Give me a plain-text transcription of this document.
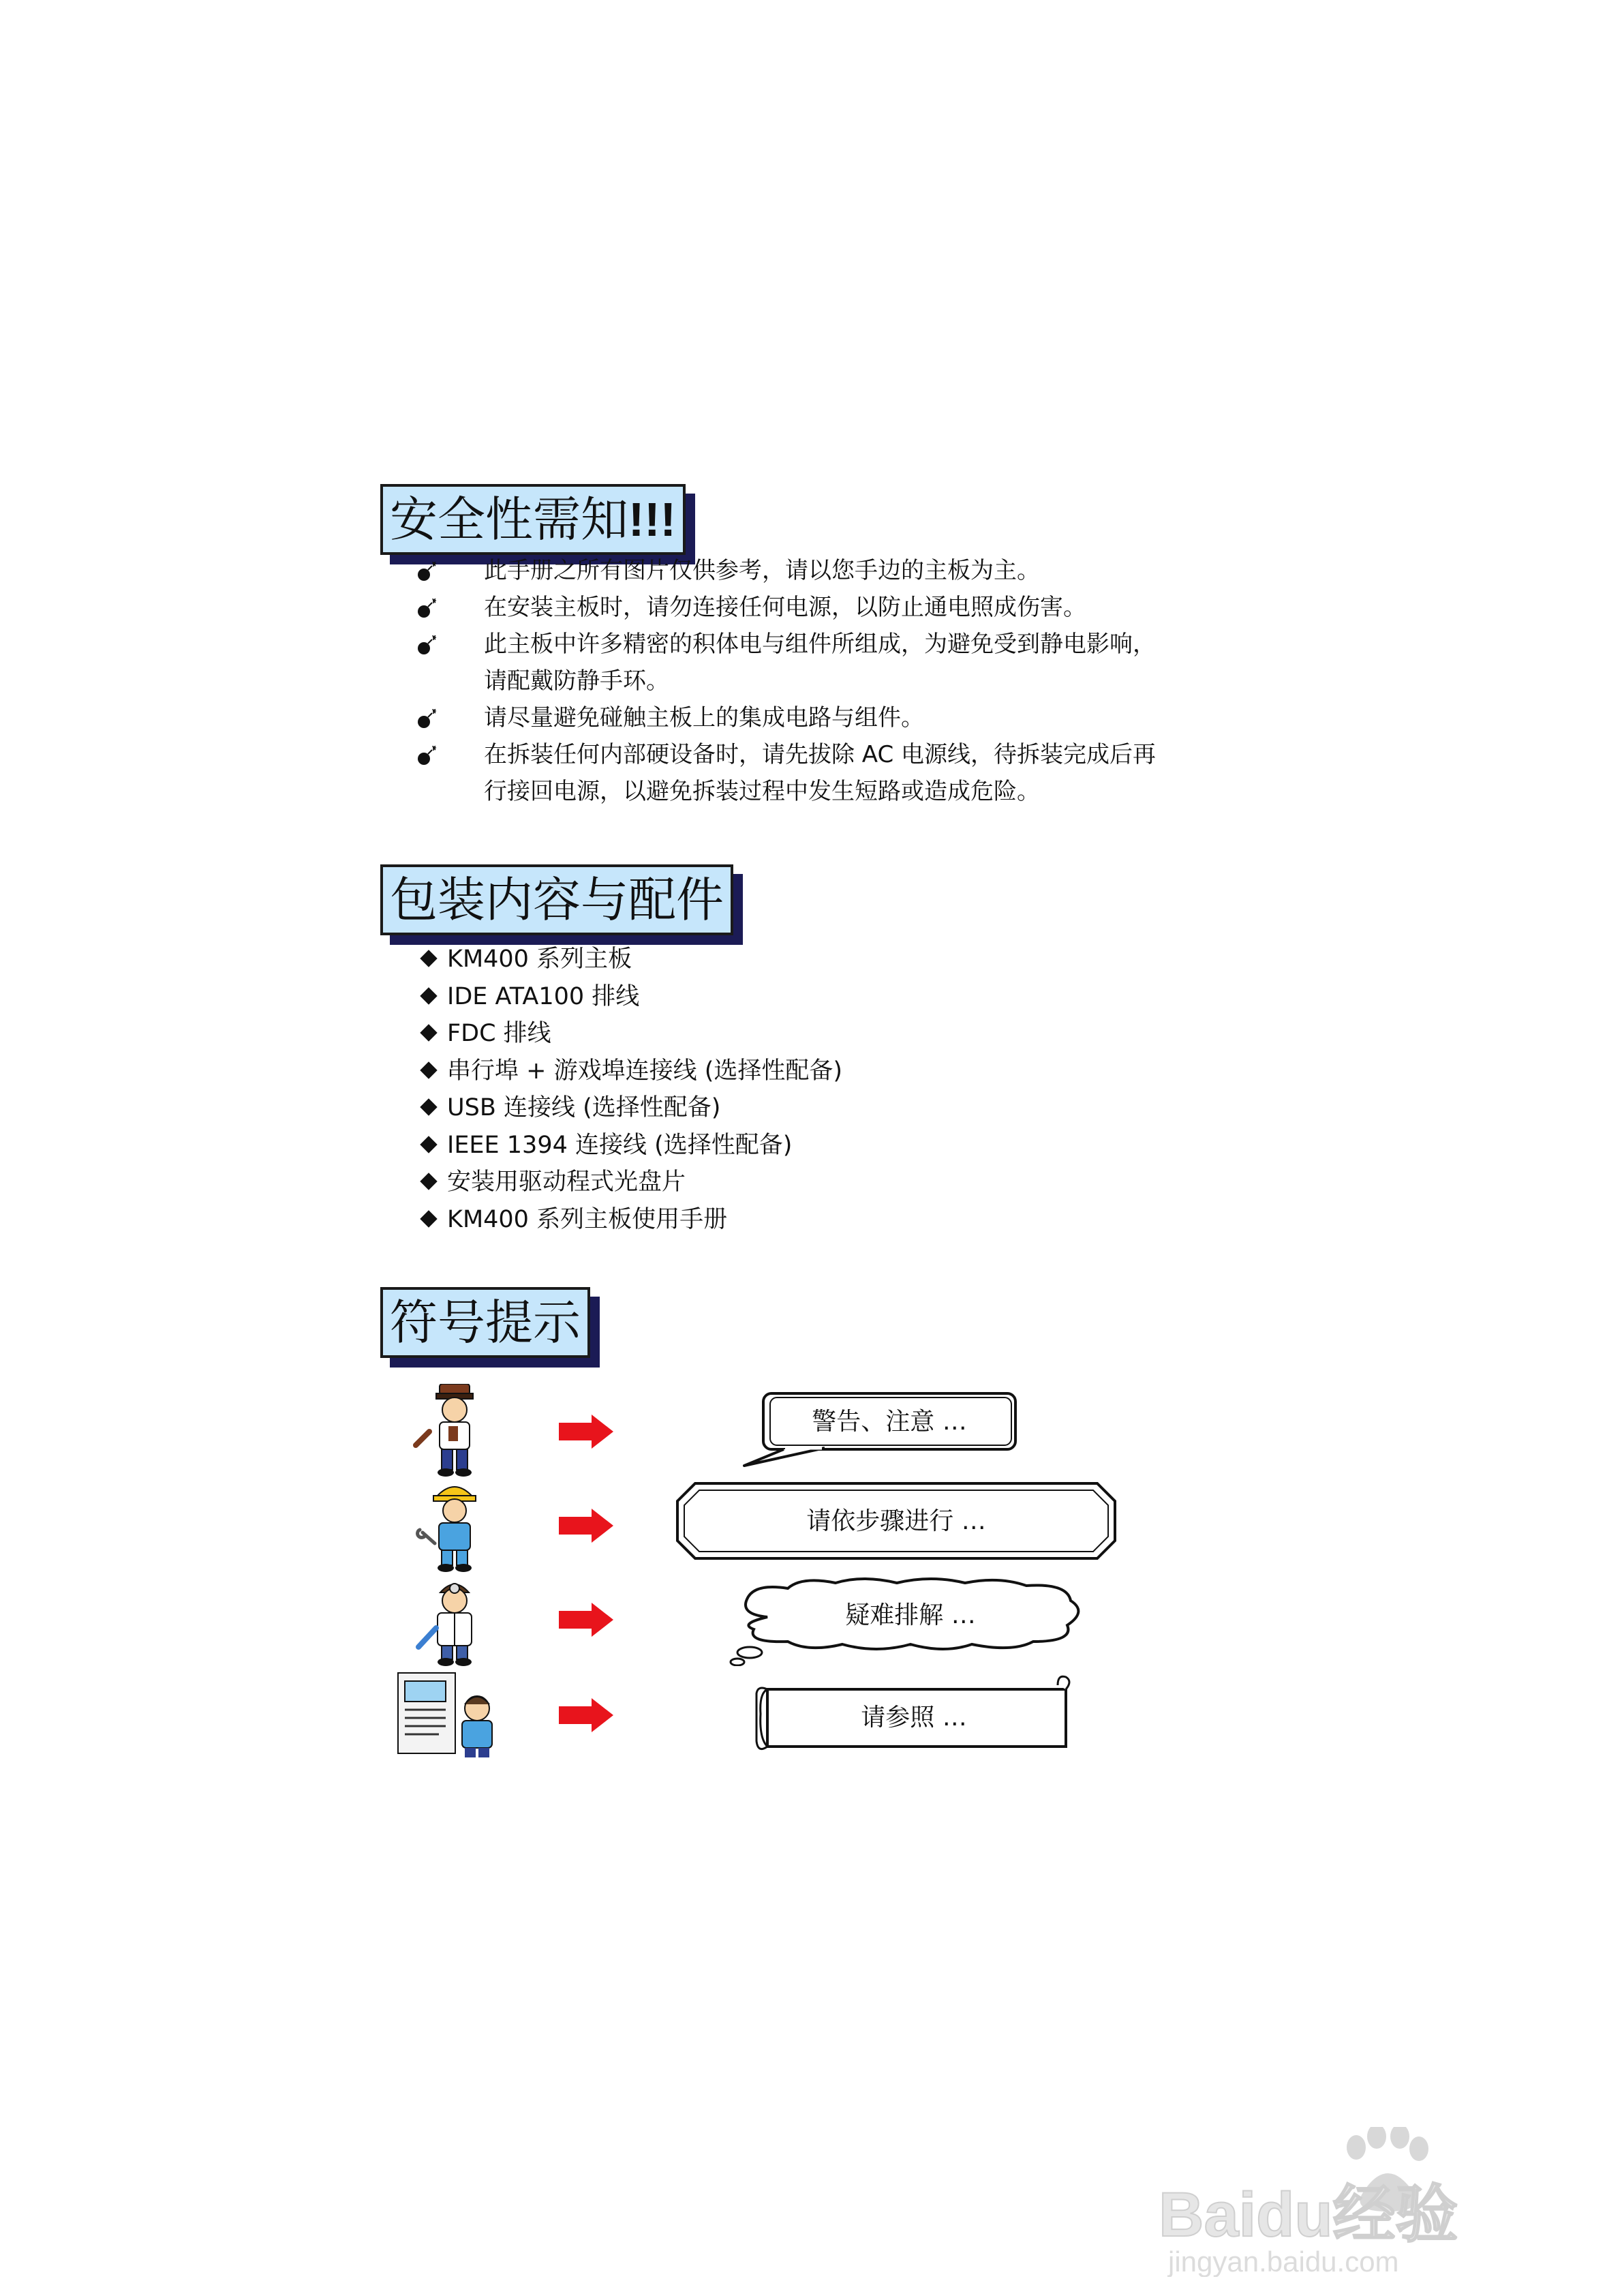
安全性需知 !!!
此手册之所有图片仅供参考，请以您手边的主板为主。
在安装主板时，请勿连接任何电源，以防止通电照成伤害。
此主板中许多精密的积体电与组件所组成，为避免受到静电影响，
请配戴防静手环。
请尽量避免碰触主板上的集成电路与组件。
在拆装任何内部硬设备时，请先拔除 AC 电源线，待拆装完成后再
行接回电源，以避免拆装过程中发生短路或造成危险。
包装内容与配件
KM400 系列主板
IDE ATA100 排线
FDC 排线
串行埠 + 游戏埠连接线 (选择性配备)
USB 连接线 (选择性配备)
IEEE 1394 连接线 (选择性配备)
安装用驱动程式光盘片
KM400 系列主板使用手册
符号提示
警告、注意 …
请依步骤进行 …
疑难排解 …
请参照 …
Baidu经验
jingyan.baidu.com
